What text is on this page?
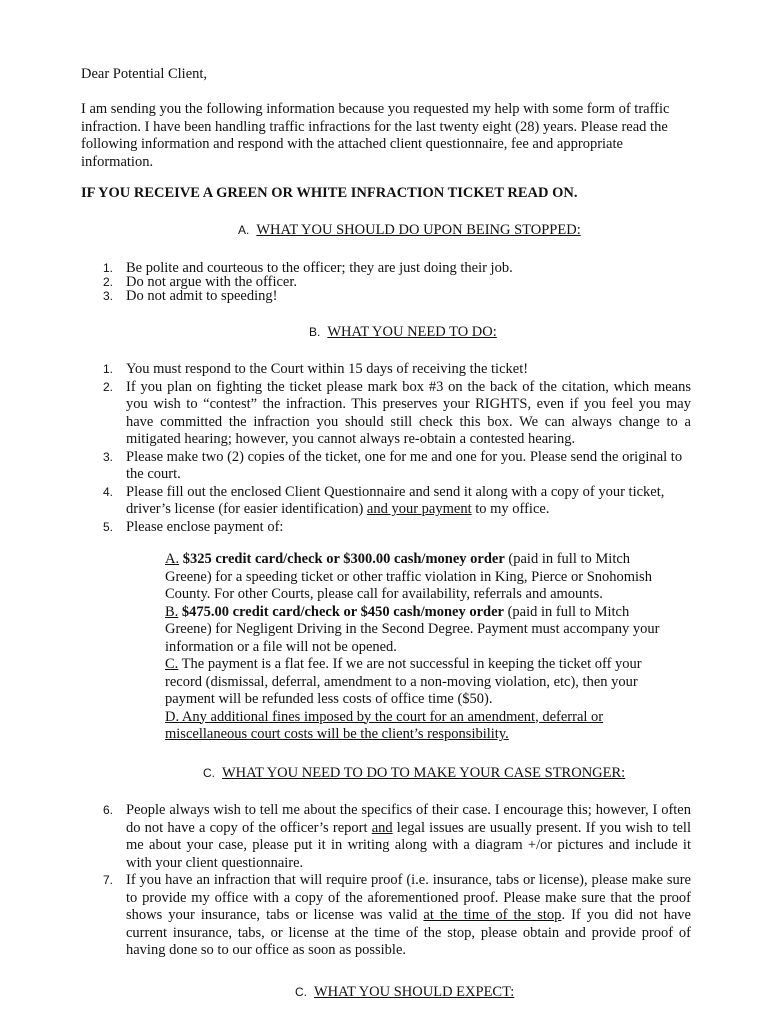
Dear Potential Client,
I am sending you the following information because you requested my help with some form of traffic infraction. I have been handling traffic infractions for the last twenty eight (28) years. Please read the following information and respond with the attached client questionnaire, fee and appropriate information.
IF YOU RECEIVE A GREEN OR WHITE INFRACTION TICKET READ ON.
A. WHAT YOU SHOULD DO UPON BEING STOPPED:
1. Be polite and courteous to the officer; they are just doing their job.
2. Do not argue with the officer.
3. Do not admit to speeding!
B. WHAT YOU NEED TO DO:
1. You must respond to the Court within 15 days of receiving the ticket!
2. If you plan on fighting the ticket please mark box #3 on the back of the citation, which means you wish to “contest” the infraction. This preserves your RIGHTS, even if you feel you may have committed the infraction you should still check this box. We can always change to a mitigated hearing; however, you cannot always re-obtain a contested hearing.
3. Please make two (2) copies of the ticket, one for me and one for you. Please send the original to the court.
4. Please fill out the enclosed Client Questionnaire and send it along with a copy of your ticket, driver’s license (for easier identification) and your payment to my office.
5. Please enclose payment of:
A. $325 credit card/check or $300.00 cash/money order (paid in full to Mitch Greene) for a speeding ticket or other traffic violation in King, Pierce or Snohomish County. For other Courts, please call for availability, referrals and amounts.
B. $475.00 credit card/check or $450 cash/money order (paid in full to Mitch Greene) for Negligent Driving in the Second Degree. Payment must accompany your information or a file will not be opened.
C. The payment is a flat fee. If we are not successful in keeping the ticket off your record (dismissal, deferral, amendment to a non-moving violation, etc), then your payment will be refunded less costs of office time ($50).
D. Any additional fines imposed by the court for an amendment, deferral or miscellaneous court costs will be the client’s responsibility.
C. WHAT YOU NEED TO DO TO MAKE YOUR CASE STRONGER:
6. People always wish to tell me about the specifics of their case. I encourage this; however, I often do not have a copy of the officer’s report and legal issues are usually present. If you wish to tell me about your case, please put it in writing along with a diagram +/or pictures and include it with your client questionnaire.
7. If you have an infraction that will require proof (i.e. insurance, tabs or license), please make sure to provide my office with a copy of the aforementioned proof. Please make sure that the proof shows your insurance, tabs or license was valid at the time of the stop. If you did not have current insurance, tabs, or license at the time of the stop, please obtain and provide proof of having done so to our office as soon as possible.
C. WHAT YOU SHOULD EXPECT:
